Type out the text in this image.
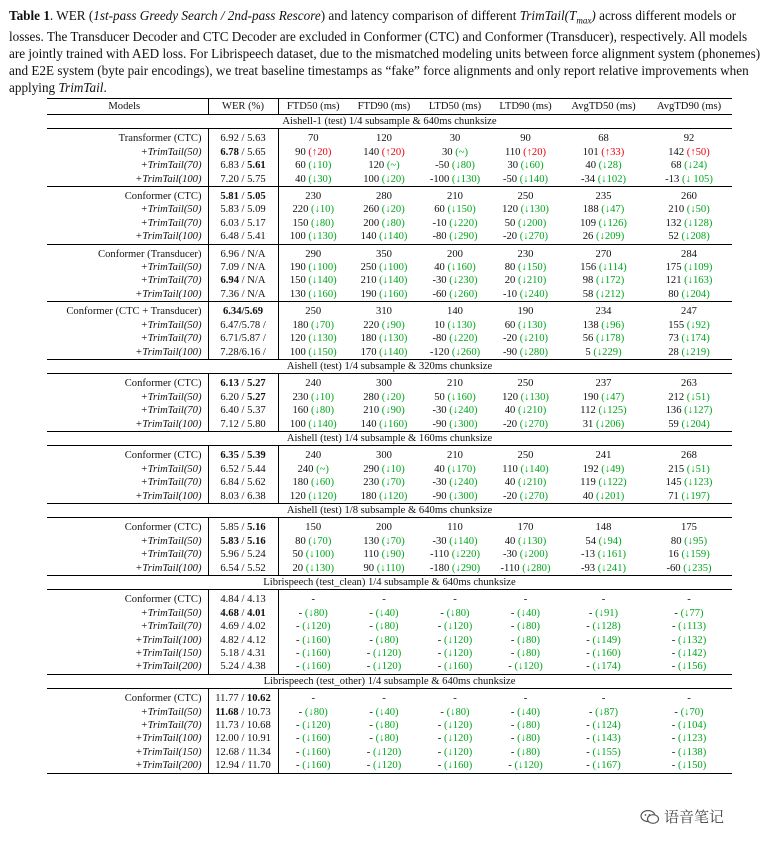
Table 1. WER (1st-pass Greedy Search / 2nd-pass Rescore) and latency comparison of different $TrimTail(T_{max})$ across different models or losses. The Transducer Decoder and CTC Decoder are excluded in Conformer (CTC) and Conformer (Transducer), respectively. All models are jointly trained with AED loss. For Librispeech dataset, due to the mismatched modeling units between force alignment system (phonemes) and E2E system (byte pair encodings), we treat baseline timestamps as “fake” force alignments and only report relative improvements when applying TrimTail.
Models	WER (%)	FTD50 (ms)	FTD90 (ms)	LTD50 (ms)	LTD90 (ms)	AvgTD50 (ms)	AvgTD90 (ms)
Aishell-1 (test) 1/4 subsample & 640ms chunksize							
Transformer (CTC)	6.92 / 5.63	70	120	30	90	68	92
+TrimTail(50)	6.78 / 5.65	90 (↑20)	140 (↑20)	30 (~)	110 (↑20)	101 (↑33)	142 (↑50)
+TrimTail(70)	6.83 / 5.61	60 (↓10)	120 (~)	-50 (↓80)	30 (↓60)	40 (↓28)	68 (↓24)
+TrimTail(100)	7.20 / 5.75	40 (↓30)	100 (↓20)	-100 (↓130)	-50 (↓140)	-34 (↓102)	-13 (↓ 105)
Conformer (CTC)	5.81 / 5.05	230	280	210	250	235	260
+TrimTail(50)	5.83 / 5.09	220 (↓10)	260 (↓20)	60 (↓150)	120 (↓130)	188 (↓47)	210 (↓50)
+TrimTail(70)	6.03 / 5.17	150 (↓80)	200 (↓80)	-10 (↓220)	50 (↓200)	109 (↓126)	132 (↓128)
+TrimTail(100)	6.48 / 5.41	100 (↓130)	140 (↓140)	-80 (↓290)	-20 (↓270)	26 (↓209)	52 (↓208)
Conformer (Transducer)	6.96 / N/A	290	350	200	230	270	284
+TrimTail(50)	7.09 / N/A	190 (↓100)	250 (↓100)	40 (↓160)	80 (↓150)	156 (↓114)	175 (↓109)
+TrimTail(70)	6.94 / N/A	150 (↓140)	210 (↓140)	-30 (↓230)	20 (↓210)	98 (↓172)	121 (↓163)
+TrimTail(100)	7.36 / N/A	130 (↓160)	190 (↓160)	-60 (↓260)	-10 (↓240)	58 (↓212)	80 (↓204)
Conformer (CTC + Transducer)	6.34/5.69	250	310	140	190	234	247
+TrimTail(50)	6.47/5.78 /	180 (↓70)	220 (↓90)	10 (↓130)	60 (↓130)	138 (↓96)	155 (↓92)
+TrimTail(70)	6.71/5.87 /	120 (↓130)	180 (↓130)	-80 (↓220)	-20 (↓210)	56 (↓178)	73 (↓174)
+TrimTail(100)	7.28/6.16 /	100 (↓150)	170 (↓140)	-120 (↓260)	-90 (↓280)	5 (↓229)	28 (↓219)
Aishell (test) 1/4 subsample & 320ms chunksize							
Conformer (CTC)	6.13 / 5.27	240	300	210	250	237	263
+TrimTail(50)	6.20 / 5.27	230 (↓10)	280 (↓20)	50 (↓160)	120 (↓130)	190 (↓47)	212 (↓51)
+TrimTail(70)	6.40 / 5.37	160 (↓80)	210 (↓90)	-30 (↓240)	40 (↓210)	112 (↓125)	136 (↓127)
+TrimTail(100)	7.12 / 5.80	100 (↓140)	140 (↓160)	-90 (↓300)	-20 (↓270)	31 (↓206)	59 (↓204)
Aishell (test) 1/4 subsample & 160ms chunksize							
Conformer (CTC)	6.35 / 5.39	240	300	210	250	241	268
+TrimTail(50)	6.52 / 5.44	240 (~)	290 (↓10)	40 (↓170)	110 (↓140)	192 (↓49)	215 (↓51)
+TrimTail(70)	6.84 / 5.62	180 (↓60)	230 (↓70)	-30 (↓240)	40 (↓210)	119 (↓122)	145 (↓123)
+TrimTail(100)	8.03 / 6.38	120 (↓120)	180 (↓120)	-90 (↓300)	-20 (↓270)	40 (↓201)	71 (↓197)
Aishell (test) 1/8 subsample & 640ms chunksize							
Conformer (CTC)	5.85 / 5.16	150	200	110	170	148	175
+TrimTail(50)	5.83 / 5.16	80 (↓70)	130 (↓70)	-30 (↓140)	40 (↓130)	54 (↓94)	80 (↓95)
+TrimTail(70)	5.96 / 5.24	50 (↓100)	110 (↓90)	-110 (↓220)	-30 (↓200)	-13 (↓161)	16 (↓159)
+TrimTail(100)	6.54 / 5.52	20 (↓130)	90 (↓110)	-180 (↓290)	-110 (↓280)	-93 (↓241)	-60 (↓235)
Librispeech (test_clean) 1/4 subsample & 640ms chunksize							
Conformer (CTC)	4.84 / 4.13	-	-	-	-	-	-
+TrimTail(50)	4.68 / 4.01	- (↓80)	- (↓40)	- (↓80)	- (↓40)	- (↓91)	- (↓77)
+TrimTail(70)	4.69 / 4.02	- (↓120)	- (↓80)	- (↓120)	- (↓80)	- (↓128)	- (↓113)
+TrimTail(100)	4.82 / 4.12	- (↓160)	- (↓80)	- (↓120)	- (↓80)	- (↓149)	- (↓132)
+TrimTail(150)	5.18 / 4.31	- (↓160)	- (↓120)	- (↓120)	- (↓80)	- (↓160)	- (↓142)
+TrimTail(200)	5.24 / 4.38	- (↓160)	- (↓120)	- (↓160)	- (↓120)	- (↓174)	- (↓156)
Librispeech (test_other) 1/4 subsample & 640ms chunksize							
Conformer (CTC)	11.77 / 10.62	-	-	-	-	-	-
+TrimTail(50)	11.68 / 10.73	- (↓80)	- (↓40)	- (↓80)	- (↓40)	- (↓87)	- (↓70)
+TrimTail(70)	11.73 / 10.68	- (↓120)	- (↓80)	- (↓120)	- (↓80)	- (↓124)	- (↓104)
+TrimTail(100)	12.00 / 10.91	- (↓160)	- (↓80)	- (↓120)	- (↓80)	- (↓143)	- (↓123)
+TrimTail(150)	12.68 / 11.34	- (↓160)	- (↓120)	- (↓120)	- (↓80)	- (↓155)	- (↓138)
+TrimTail(200)	12.94 / 11.70	- (↓160)	- (↓120)	- (↓160)	- (↓120)	- (↓167)	- (↓150)
语音笔记
